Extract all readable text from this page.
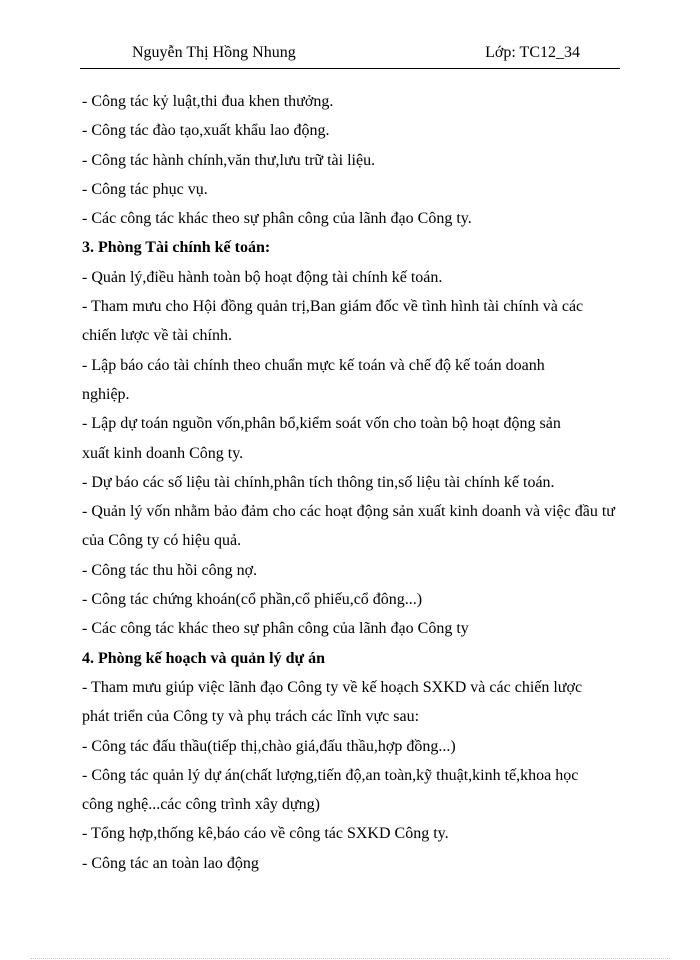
Nguyễn Thị Hồng Nhung	Lớp: TC12_34
- Công tác kỷ luật,thi đua khen thưởng.
- Công tác đào tạo,xuất khẩu lao động.
- Công tác hành chính,văn thư,lưu trữ tài liệu.
- Công tác phục vụ.
- Các công tác khác theo sự phân công của lãnh đạo Công ty.
3. Phòng Tài chính kế toán:
- Quản lý,điều hành toàn bộ hoạt động tài chính kế toán.
- Tham mưu cho Hội đồng quản trị,Ban giám đốc về tình hình tài chính và các
chiến lược về tài chính.
- Lập báo cáo tài chính theo chuẩn mực kế toán và chế độ kế toán doanh
nghiệp.
- Lập dự toán nguồn vốn,phân bổ,kiểm soát vốn cho toàn bộ hoạt động sản
xuất kinh doanh Công ty.
- Dự báo các số liệu tài chính,phân tích thông tin,số liệu tài chính kế toán.
- Quản lý vốn nhằm bảo đảm cho các hoạt động sản xuất kinh doanh và việc đầu tư
của Công ty có hiệu quả.
- Công tác thu hồi công nợ.
- Công tác chứng khoán(cổ phần,cổ phiếu,cổ đông...)
- Các công tác khác theo sự phân công của lãnh đạo Công ty
4. Phòng kế hoạch và quản lý dự án
- Tham mưu giúp việc lãnh đạo Công ty về kế hoạch SXKD và các chiến lược
phát triển của Công ty và phụ trách các lĩnh vực sau:
- Công tác đấu thầu(tiếp thị,chào giá,đấu thầu,hợp đồng...)
- Công tác quản lý dự án(chất lượng,tiến độ,an toàn,kỹ thuật,kinh tế,khoa học
công nghệ...các công trình xây dựng)
- Tổng hợp,thống kê,báo cáo về công tác SXKD Công ty.
- Công tác an toàn lao động
